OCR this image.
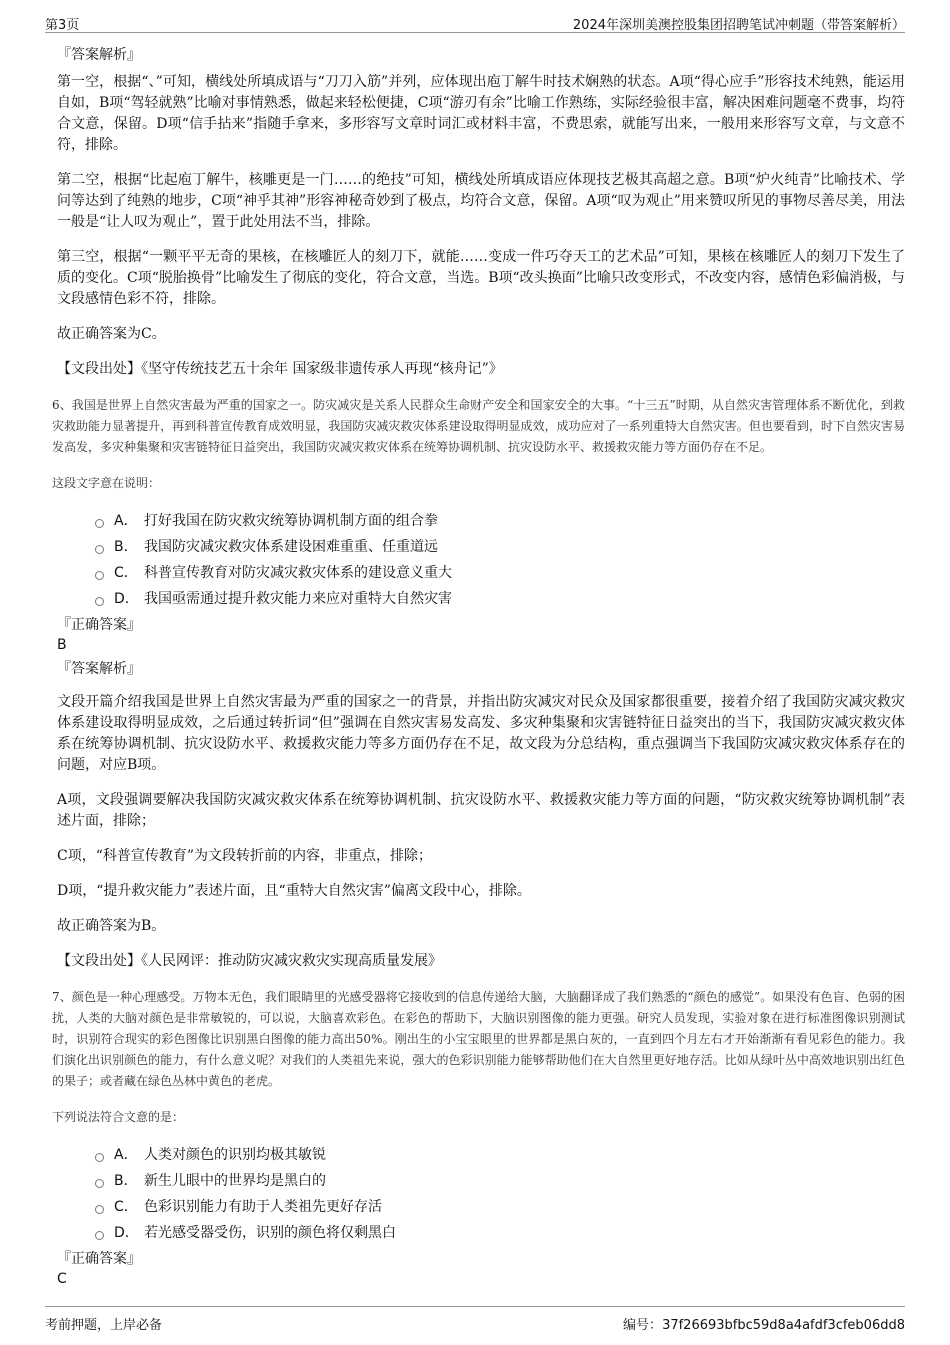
第3页	2024年深圳美澳控股集团招聘笔试冲刺题（带答案解析）
『答案解析』

第一空，根据“、”可知，横线处所填成语与“刀刀入筋”并列，应体现出庖丁解牛时技术娴熟的状态。A项“得心应手”形容技术纯熟，能运用自如，B项“驾轻就熟”比喻对事情熟悉，做起来轻松便捷，C项“游刃有余”比喻工作熟练，实际经验很丰富，解决困难问题毫不费事，均符合文意，保留。D项“信手拈来”指随手拿来，多形容写文章时词汇或材料丰富，不费思索，就能写出来，一般用来形容写文章，与文意不符，排除。

第二空，根据“比起庖丁解牛，核雕更是一门……的绝技”可知，横线处所填成语应体现技艺极其高超之意。B项“炉火纯青”比喻技术、学问等达到了纯熟的地步，C项“神乎其神”形容神秘奇妙到了极点，均符合文意，保留。A项“叹为观止”用来赞叹所见的事物尽善尽美，用法一般是“让人叹为观止”，置于此处用法不当，排除。

第三空，根据“一颗平平无奇的果核，在核雕匠人的刻刀下，就能……变成一件巧夺天工的艺术品”可知，果核在核雕匠人的刻刀下发生了质的变化。C项“脱胎换骨”比喻发生了彻底的变化，符合文意，当选。B项“改头换面”比喻只改变形式，不改变内容，感情色彩偏消极，与文段感情色彩不符，排除。

故正确答案为C。

【文段出处】《坚守传统技艺五十余年 国家级非遗传承人再现“核舟记”》

6、我国是世界上自然灾害最为严重的国家之一。防灾减灾是关系人民群众生命财产安全和国家安全的大事。“十三五”时期，从自然灾害管理体系不断优化，到救灾救助能力显著提升，再到科普宣传教育成效明显，我国防灾减灾救灾体系建设取得明显成效，成功应对了一系列重特大自然灾害。但也要看到，时下自然灾害易发高发，多灾种集聚和灾害链特征日益突出，我国防灾减灾救灾体系在统筹协调机制、抗灾设防水平、救援救灾能力等方面仍存在不足。

这段文字意在说明：

A． 打好我国在防灾救灾统筹协调机制方面的组合拳
B． 我国防灾减灾救灾体系建设困难重重、任重道远
C． 科普宣传教育对防灾减灾救灾体系的建设意义重大
D． 我国亟需通过提升救灾能力来应对重特大自然灾害
『正确答案』
B
『答案解析』

文段开篇介绍我国是世界上自然灾害最为严重的国家之一的背景，并指出防灾减灾对民众及国家都很重要，接着介绍了我国防灾减灾救灾体系建设取得明显成效，之后通过转折词“但”强调在自然灾害易发高发、多灾种集聚和灾害链特征日益突出的当下，我国防灾减灾救灾体系在统筹协调机制、抗灾设防水平、救援救灾能力等多方面仍存在不足，故文段为分总结构，重点强调当下我国防灾减灾救灾体系存在的问题，对应B项。

A项，文段强调要解决我国防灾减灾救灾体系在统筹协调机制、抗灾设防水平、救援救灾能力等方面的问题，“防灾救灾统筹协调机制”表述片面，排除；

C项，“科普宣传教育”为文段转折前的内容，非重点，排除；

D项，“提升救灾能力”表述片面，且“重特大自然灾害”偏离文段中心，排除。

故正确答案为B。

【文段出处】《人民网评：推动防灾减灾救灾实现高质量发展》

7、颜色是一种心理感受。万物本无色，我们眼睛里的光感受器将它接收到的信息传递给大脑，大脑翻译成了我们熟悉的“颜色的感觉”。如果没有色盲、色弱的困扰，人类的大脑对颜色是非常敏锐的，可以说，大脑喜欢彩色。在彩色的帮助下，大脑识别图像的能力更强。研究人员发现，实验对象在进行标准图像识别测试时，识别符合现实的彩色图像比识别黑白图像的能力高出50%。刚出生的小宝宝眼里的世界都是黑白灰的，一直到四个月左右才开始渐渐有看见彩色的能力。我们演化出识别颜色的能力，有什么意义呢？对我们的人类祖先来说，强大的色彩识别能力能够帮助他们在大自然里更好地存活。比如从绿叶丛中高效地识别出红色的果子；或者藏在绿色丛林中黄色的老虎。

下列说法符合文意的是：

A． 人类对颜色的识别均极其敏锐
B． 新生儿眼中的世界均是黑白的
C． 色彩识别能力有助于人类祖先更好存活
D． 若光感受器受伤，识别的颜色将仅剩黑白
『正确答案』
C
考前押题，上岸必备	编号：37f26693bfbc59d8a4afdf3cfeb06dd8
